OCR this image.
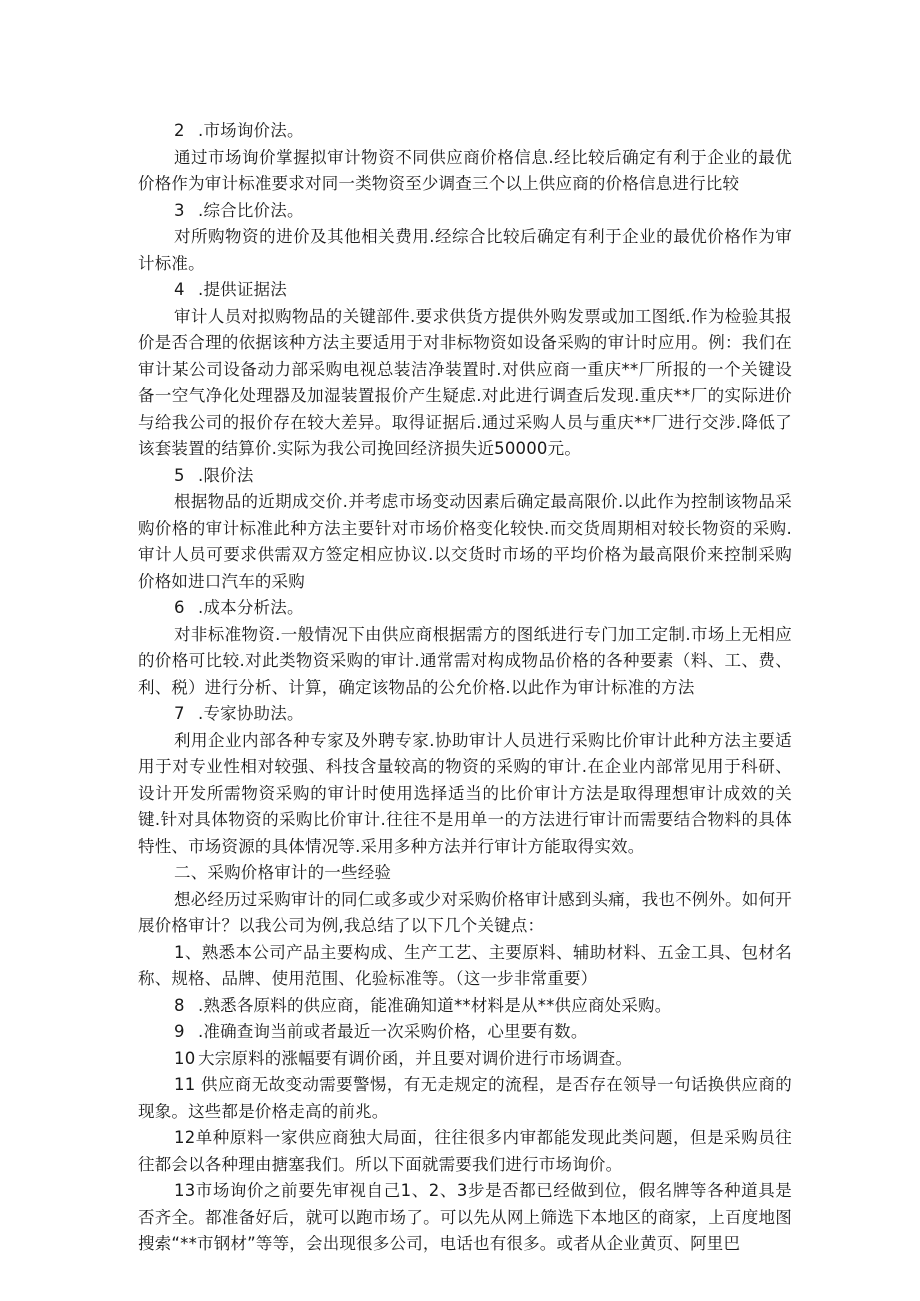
2 .市场询价法。
通过市场询价掌握拟审计物资不同供应商价格信息.经比较后确定有利于企业的最优价格作为审计标准要求对同一类物资至少调查三个以上供应商的价格信息进行比较
3 .综合比价法。
对所购物资的进价及其他相关费用.经综合比较后确定有利于企业的最优价格作为审计标准。
4 .提供证据法
审计人员对拟购物品的关键部件.要求供货方提供外购发票或加工图纸.作为检验其报价是否合理的依据该种方法主要适用于对非标物资如设备采购的审计时应用。例：我们在审计某公司设备动力部采购电视总装洁净装置时.对供应商一重庆**厂所报的一个关键设备一空气净化处理器及加湿装置报价产生疑虑.对此进行调查后发现.重庆**厂的实际进价与给我公司的报价存在较大差异。取得证据后.通过采购人员与重庆**厂进行交涉.降低了该套装置的结算价.实际为我公司挽回经济损失近50000元。
5 .限价法
根据物品的近期成交价.并考虑市场变动因素后确定最高限价.以此作为控制该物品采购价格的审计标准此种方法主要针对市场价格变化较快.而交货周期相对较长物资的采购.审计人员可要求供需双方签定相应协议.以交货时市场的平均价格为最高限价来控制采购价格如进口汽车的采购
6 .成本分析法。
对非标准物资.一般情况下由供应商根据需方的图纸进行专门加工定制.市场上无相应的价格可比较.对此类物资采购的审计.通常需对构成物品价格的各种要素（料、工、费、利、税）进行分析、计算，确定该物品的公允价格.以此作为审计标准的方法
7 .专家协助法。
利用企业内部各种专家及外聘专家.协助审计人员进行采购比价审计此种方法主要适用于对专业性相对较强、科技含量较高的物资的采购的审计.在企业内部常见用于科研、设计开发所需物资采购的审计时使用选择适当的比价审计方法是取得理想审计成效的关键.针对具体物资的采购比价审计.往往不是用单一的方法进行审计而需要结合物料的具体特性、市场资源的具体情况等.采用多种方法并行审计方能取得实效。
二、采购价格审计的一些经验
想必经历过采购审计的同仁或多或少对采购价格审计感到头痛，我也不例外。如何开展价格审计？以我公司为例,我总结了以下几个关键点：
1、熟悉本公司产品主要构成、生产工艺、主要原料、辅助材料、五金工具、包材名称、规格、品牌、使用范围、化验标准等。（这一步非常重要）
8 .熟悉各原料的供应商，能准确知道**材料是从**供应商处采购。
9 .准确查询当前或者最近一次采购价格，心里要有数。
10 大宗原料的涨幅要有调价函，并且要对调价进行市场调查。
11 供应商无故变动需要警惕，有无走规定的流程，是否存在领导一句话换供应商的现象。这些都是价格走高的前兆。
12单种原料一家供应商独大局面，往往很多内审都能发现此类问题，但是采购员往往都会以各种理由搪塞我们。所以下面就需要我们进行市场询价。
13市场询价之前要先审视自己1、2、3步是否都已经做到位，假名牌等各种道具是否齐全。都准备好后，就可以跑市场了。可以先从网上筛选下本地区的商家，上百度地图搜索“**市钢材”等等，会出现很多公司，电话也有很多。或者从企业黄页、阿里巴
